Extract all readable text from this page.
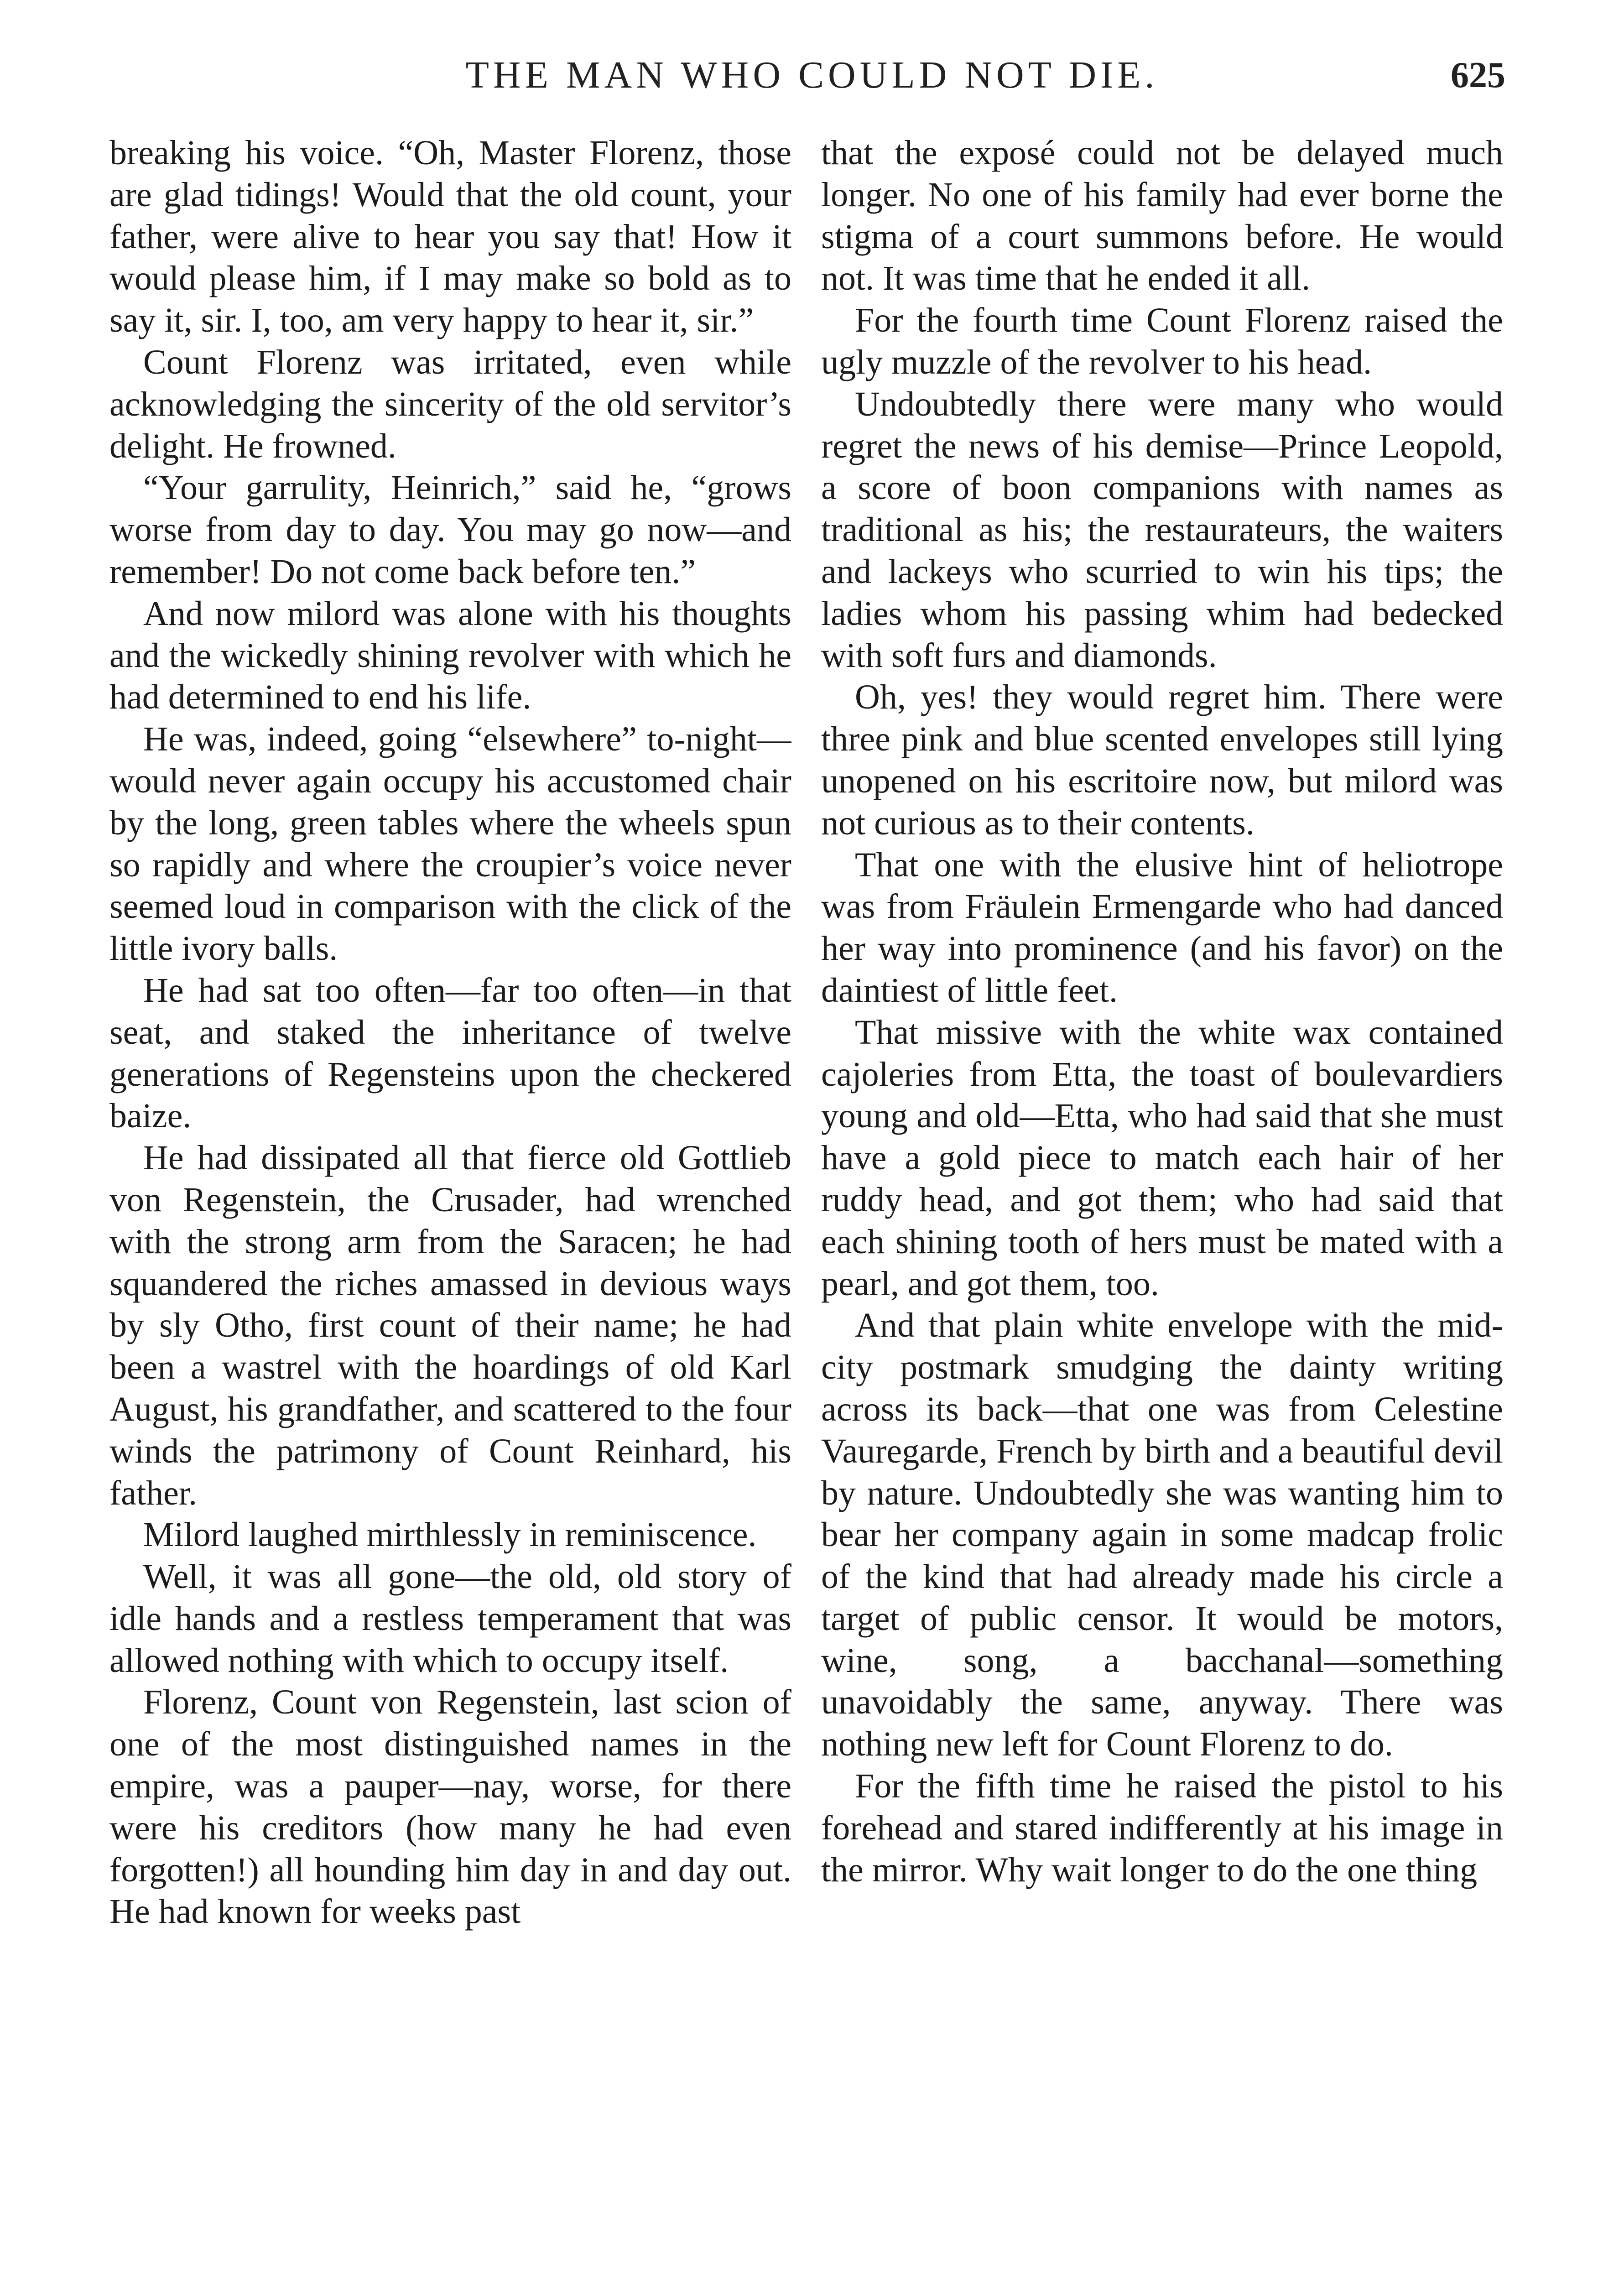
THE MAN WHO COULD NOT DIE.	625

breaking his voice. “Oh, Master Florenz, those are glad tidings! Would that the old count, your father, were alive to hear you say that! How it would please him, if I may make so bold as to say it, sir. I, too, am very happy to hear it, sir.”

Count Florenz was irritated, even while acknowledging the sincerity of the old servitor’s delight. He frowned.

“Your garrulity, Heinrich,” said he, “grows worse from day to day. You may go now—and remember! Do not come back before ten.”

And now milord was alone with his thoughts and the wickedly shining revolver with which he had determined to end his life.

He was, indeed, going “elsewhere” to-night—would never again occupy his accustomed chair by the long, green tables where the wheels spun so rapidly and where the croupier’s voice never seemed loud in comparison with the click of the little ivory balls.

He had sat too often—far too often—in that seat, and staked the inheritance of twelve generations of Regensteins upon the checkered baize.

He had dissipated all that fierce old Gottlieb von Regenstein, the Crusader, had wrenched with the strong arm from the Saracen; he had squandered the riches amassed in devious ways by sly Otho, first count of their name; he had been a wastrel with the hoardings of old Karl August, his grandfather, and scattered to the four winds the patrimony of Count Reinhard, his father.

Milord laughed mirthlessly in reminiscence.

Well, it was all gone—the old, old story of idle hands and a restless temperament that was allowed nothing with which to occupy itself.

Florenz, Count von Regenstein, last scion of one of the most distinguished names in the empire, was a pauper—nay, worse, for there were his creditors (how many he had even forgotten!) all hounding him day in and day out. He had known for weeks past

that the exposé could not be delayed much longer. No one of his family had ever borne the stigma of a court summons before. He would not. It was time that he ended it all.

For the fourth time Count Florenz raised the ugly muzzle of the revolver to his head.

Undoubtedly there were many who would regret the news of his demise—Prince Leopold, a score of boon companions with names as traditional as his; the restaurateurs, the waiters and lackeys who scurried to win his tips; the ladies whom his passing whim had bedecked with soft furs and diamonds.

Oh, yes! they would regret him. There were three pink and blue scented envelopes still lying unopened on his escritoire now, but milord was not curious as to their contents.

That one with the elusive hint of heliotrope was from Fräulein Ermengarde who had danced her way into prominence (and his favor) on the daintiest of little feet.

That missive with the white wax contained cajoleries from Etta, the toast of boulevardiers young and old—Etta, who had said that she must have a gold piece to match each hair of her ruddy head, and got them; who had said that each shining tooth of hers must be mated with a pearl, and got them, too.

And that plain white envelope with the mid-city postmark smudging the dainty writing across its back—that one was from Celestine Vauregarde, French by birth and a beautiful devil by nature. Undoubtedly she was wanting him to bear her company again in some madcap frolic of the kind that had already made his circle a target of public censor. It would be motors, wine, song, a bacchanal—something unavoidably the same, anyway. There was nothing new left for Count Florenz to do.

For the fifth time he raised the pistol to his forehead and stared indifferently at his image in the mirror. Why wait longer to do the one thing
